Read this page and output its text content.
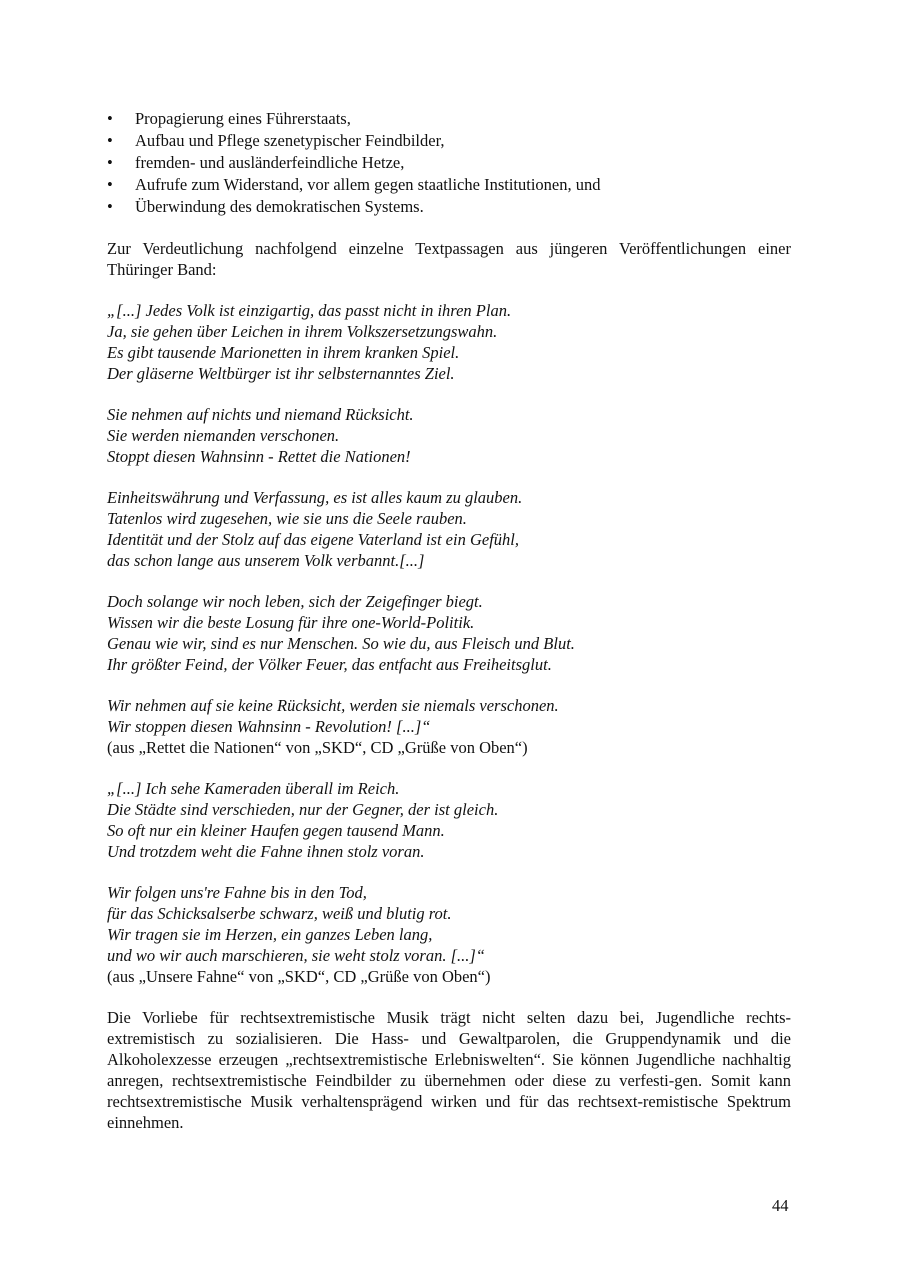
• Propagierung eines Führerstaats,
• Aufbau und Pflege szenetypischer Feindbilder,
• fremden- und ausländerfeindliche Hetze,
• Aufrufe zum Widerstand, vor allem gegen staatliche Institutionen, und
• Überwindung des demokratischen Systems.

Zur Verdeutlichung nachfolgend einzelne Textpassagen aus jüngeren Veröffentlichungen einer Thüringer Band:

„[...] Jedes Volk ist einzigartig, das passt nicht in ihren Plan.
Ja, sie gehen über Leichen in ihrem Volkszersetzungswahn.
Es gibt tausende Marionetten in ihrem kranken Spiel.
Der gläserne Weltbürger ist ihr selbsternanntes Ziel.
Sie nehmen auf nichts und niemand Rücksicht.
Sie werden niemanden verschonen.
Stoppt diesen Wahnsinn - Rettet die Nationen!
Einheitswährung und Verfassung, es ist alles kaum zu glauben.
Tatenlos wird zugesehen, wie sie uns die Seele rauben.
Identität und der Stolz auf das eigene Vaterland ist ein Gefühl,
das schon lange aus unserem Volk verbannt.[...]
Doch solange wir noch leben, sich der Zeigefinger biegt.
Wissen wir die beste Losung für ihre one-World-Politik.
Genau wie wir, sind es nur Menschen. So wie du, aus Fleisch und Blut.
Ihr größter Feind, der Völker Feuer, das entfacht aus Freiheitsglut.
Wir nehmen auf sie keine Rücksicht, werden sie niemals verschonen.
Wir stoppen diesen Wahnsinn - Revolution! [...]“
(aus „Rettet die Nationen“ von „SKD“, CD „Grüße von Oben“)
„[...] Ich sehe Kameraden überall im Reich.
Die Städte sind verschieden, nur der Gegner, der ist gleich.
So oft nur ein kleiner Haufen gegen tausend Mann.
Und trotzdem weht die Fahne ihnen stolz voran.
Wir folgen uns're Fahne bis in den Tod,
für das Schicksalserbe schwarz, weiß und blutig rot.
Wir tragen sie im Herzen, ein ganzes Leben lang,
und wo wir auch marschieren, sie weht stolz voran. [...]“
(aus „Unsere Fahne“ von „SKD“, CD „Grüße von Oben“)

Die Vorliebe für rechtsextremistische Musik trägt nicht selten dazu bei, Jugendliche rechts-extremistisch zu sozialisieren. Die Hass- und Gewaltparolen, die Gruppendynamik und die Alkoholexzesse erzeugen „rechtsextremistische Erlebniswelten“. Sie können Jugendliche nachhaltig anregen, rechtsextremistische Feindbilder zu übernehmen oder diese zu verfesti-gen. Somit kann rechtsextremistische Musik verhaltensprägend wirken und für das rechtsext-remistische Spektrum einnehmen.

44
